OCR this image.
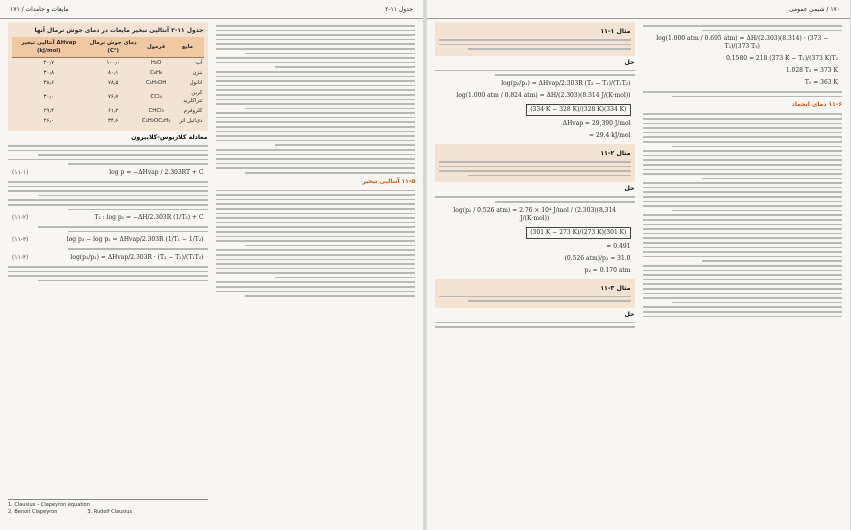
جدول ۱۱-۲
مایعات و جامدات / ۱۷۱
جدول ۱۱-۲ آنتالپی تبخیر مایعات در دمای جوش نرمال آنها
مایع	فرمول	دمای جوش نرمال (°C)	ΔHvap آنتالپی تبخیر (kJ/mol)
آب	H₂O	۱۰۰٫۰	۴۰٫۷
بنزن	C₆H₆	۸۰٫۱	۳۰٫۸
اتانول	C₂H₅OH	۷۸٫۵	۳۸٫۶
کربن تتراکلرید	CCl₄	۷۶٫۷	۳۰٫۰
کلروفرم	CHCl₃	۶۱٫۲	۲۹٫۴
دی‌اتیل اتر	C₂H₅OC₂H₅	۳۴٫۶	۲۶٫۰
معادله کلازیوس-کلاپیرون
(۱۱-۱)	log p = −ΔHvap / 2.303RT + C
(۱۱-۲)	T₂ : log p₂ = −ΔH/2.303R (1/T₂) + C
(۱۱-۳)	log p₂ − log p₁ = ΔHvap/2.303R (1/T₁ − 1/T₂)
(۱۱-۴)	log(p₂/p₁) = ΔHvap/2.303R · (T₂ − T₁)/(T₁T₂)
۱۱-۵ آنتالپی تبخیر
1. Clausius – Clapeyron equation
2. Benoit Clapeyron	3. Rudolf Clausius
۱۷۰ / شیمی عمومی
مثال ۱-۱۱
حل
log(p₂/p₁) = ΔHvap/2.303R (T₂ − T₁)/(T₁T₂)
log(1.000 atm / 0.824 atm) = ΔH/(2.303)(8.314 J/(K·mol))
(334 K − 328 K)/(328 K)(334 K)
ΔHvap = 29,390 J/mol
= 29.4 kJ/mol
مثال ۲-۱۱
حل
log(p₂ / 0.526 atm) = 2.76 × 10⁴ J/mol / (2.303)(8.314 J/(K·mol))
(301 K − 273 K)/(273 K)(301 K)
= 0.491
(0.526 atm)/p₂ = 31.0
p₂ = 0.170 atm
مثال ۳-۱۱
حل
log(1.000 atm / 0.695 atm) = ΔH/(2.303)(8.314) · (373 − T₂)/(373 T₂)
0.1580 = 218 (373 K − T₂)/(373 K)T₂
1.028 T₂ = 373 K
T₂ = 363 K
۱۱-۶ دمای انجماد
